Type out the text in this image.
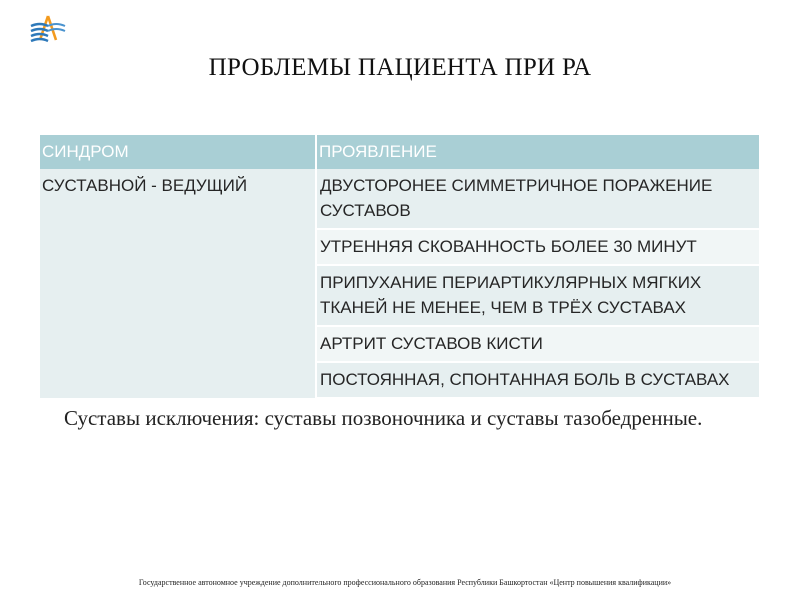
ПРОБЛЕМЫ ПАЦИЕНТА ПРИ РА
СИНДРОМ	ПРОЯВЛЕНИЕ
СУСТАВНОЙ - ВЕДУЩИЙ	ДВУСТОРОНЕЕ СИММЕТРИЧНОЕ ПОРАЖЕНИЕ СУСТАВОВ
	УТРЕННЯЯ СКОВАННОСТЬ БОЛЕЕ 30 МИНУТ
	ПРИПУХАНИЕ ПЕРИАРТИКУЛЯРНЫХ МЯГКИХ ТКАНЕЙ НЕ МЕНЕЕ, ЧЕМ В ТРЁХ СУСТАВАХ
	АРТРИТ СУСТАВОВ КИСТИ
	ПОСТОЯННАЯ, СПОНТАННАЯ БОЛЬ В СУСТАВАХ
Суставы исключения: суставы позвоночника и суставы тазобедренные.
Государственное автономное учреждение дополнительного профессионального образования Республики Башкортостан «Центр повышения квалификации»
